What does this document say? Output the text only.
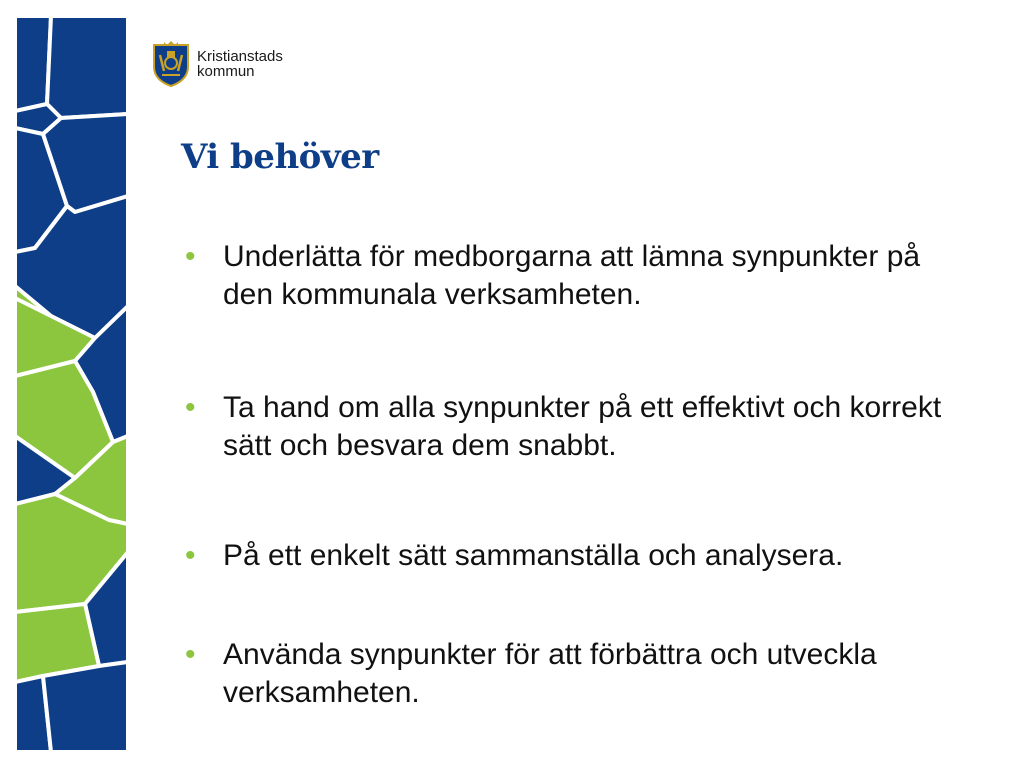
Kristianstads
kommun
Vi behöver
• Underlätta för medborgarna att lämna synpunkter på den kommunala verksamheten.
• Ta hand om alla synpunkter på ett effektivt och korrekt sätt och besvara dem snabbt.
• På ett enkelt sätt sammanställa och analysera.
• Använda synpunkter för att förbättra och utveckla verksamheten.
